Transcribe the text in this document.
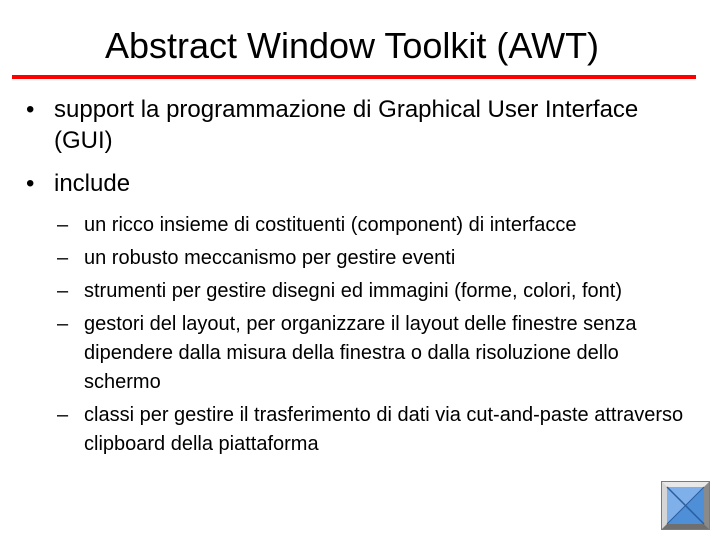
Abstract Window Toolkit (AWT)
• support la programmazione di Graphical User Interface (GUI)
• include
– un ricco insieme di costituenti (component) di interfacce
– un robusto meccanismo per gestire eventi
– strumenti per gestire disegni ed immagini (forme, colori, font)
– gestori del layout, per organizzare il layout delle finestre senza dipendere dalla misura della finestra o dalla risoluzione dello schermo
– classi per gestire il trasferimento di dati via cut-and-paste attraverso clipboard della piattaforma
